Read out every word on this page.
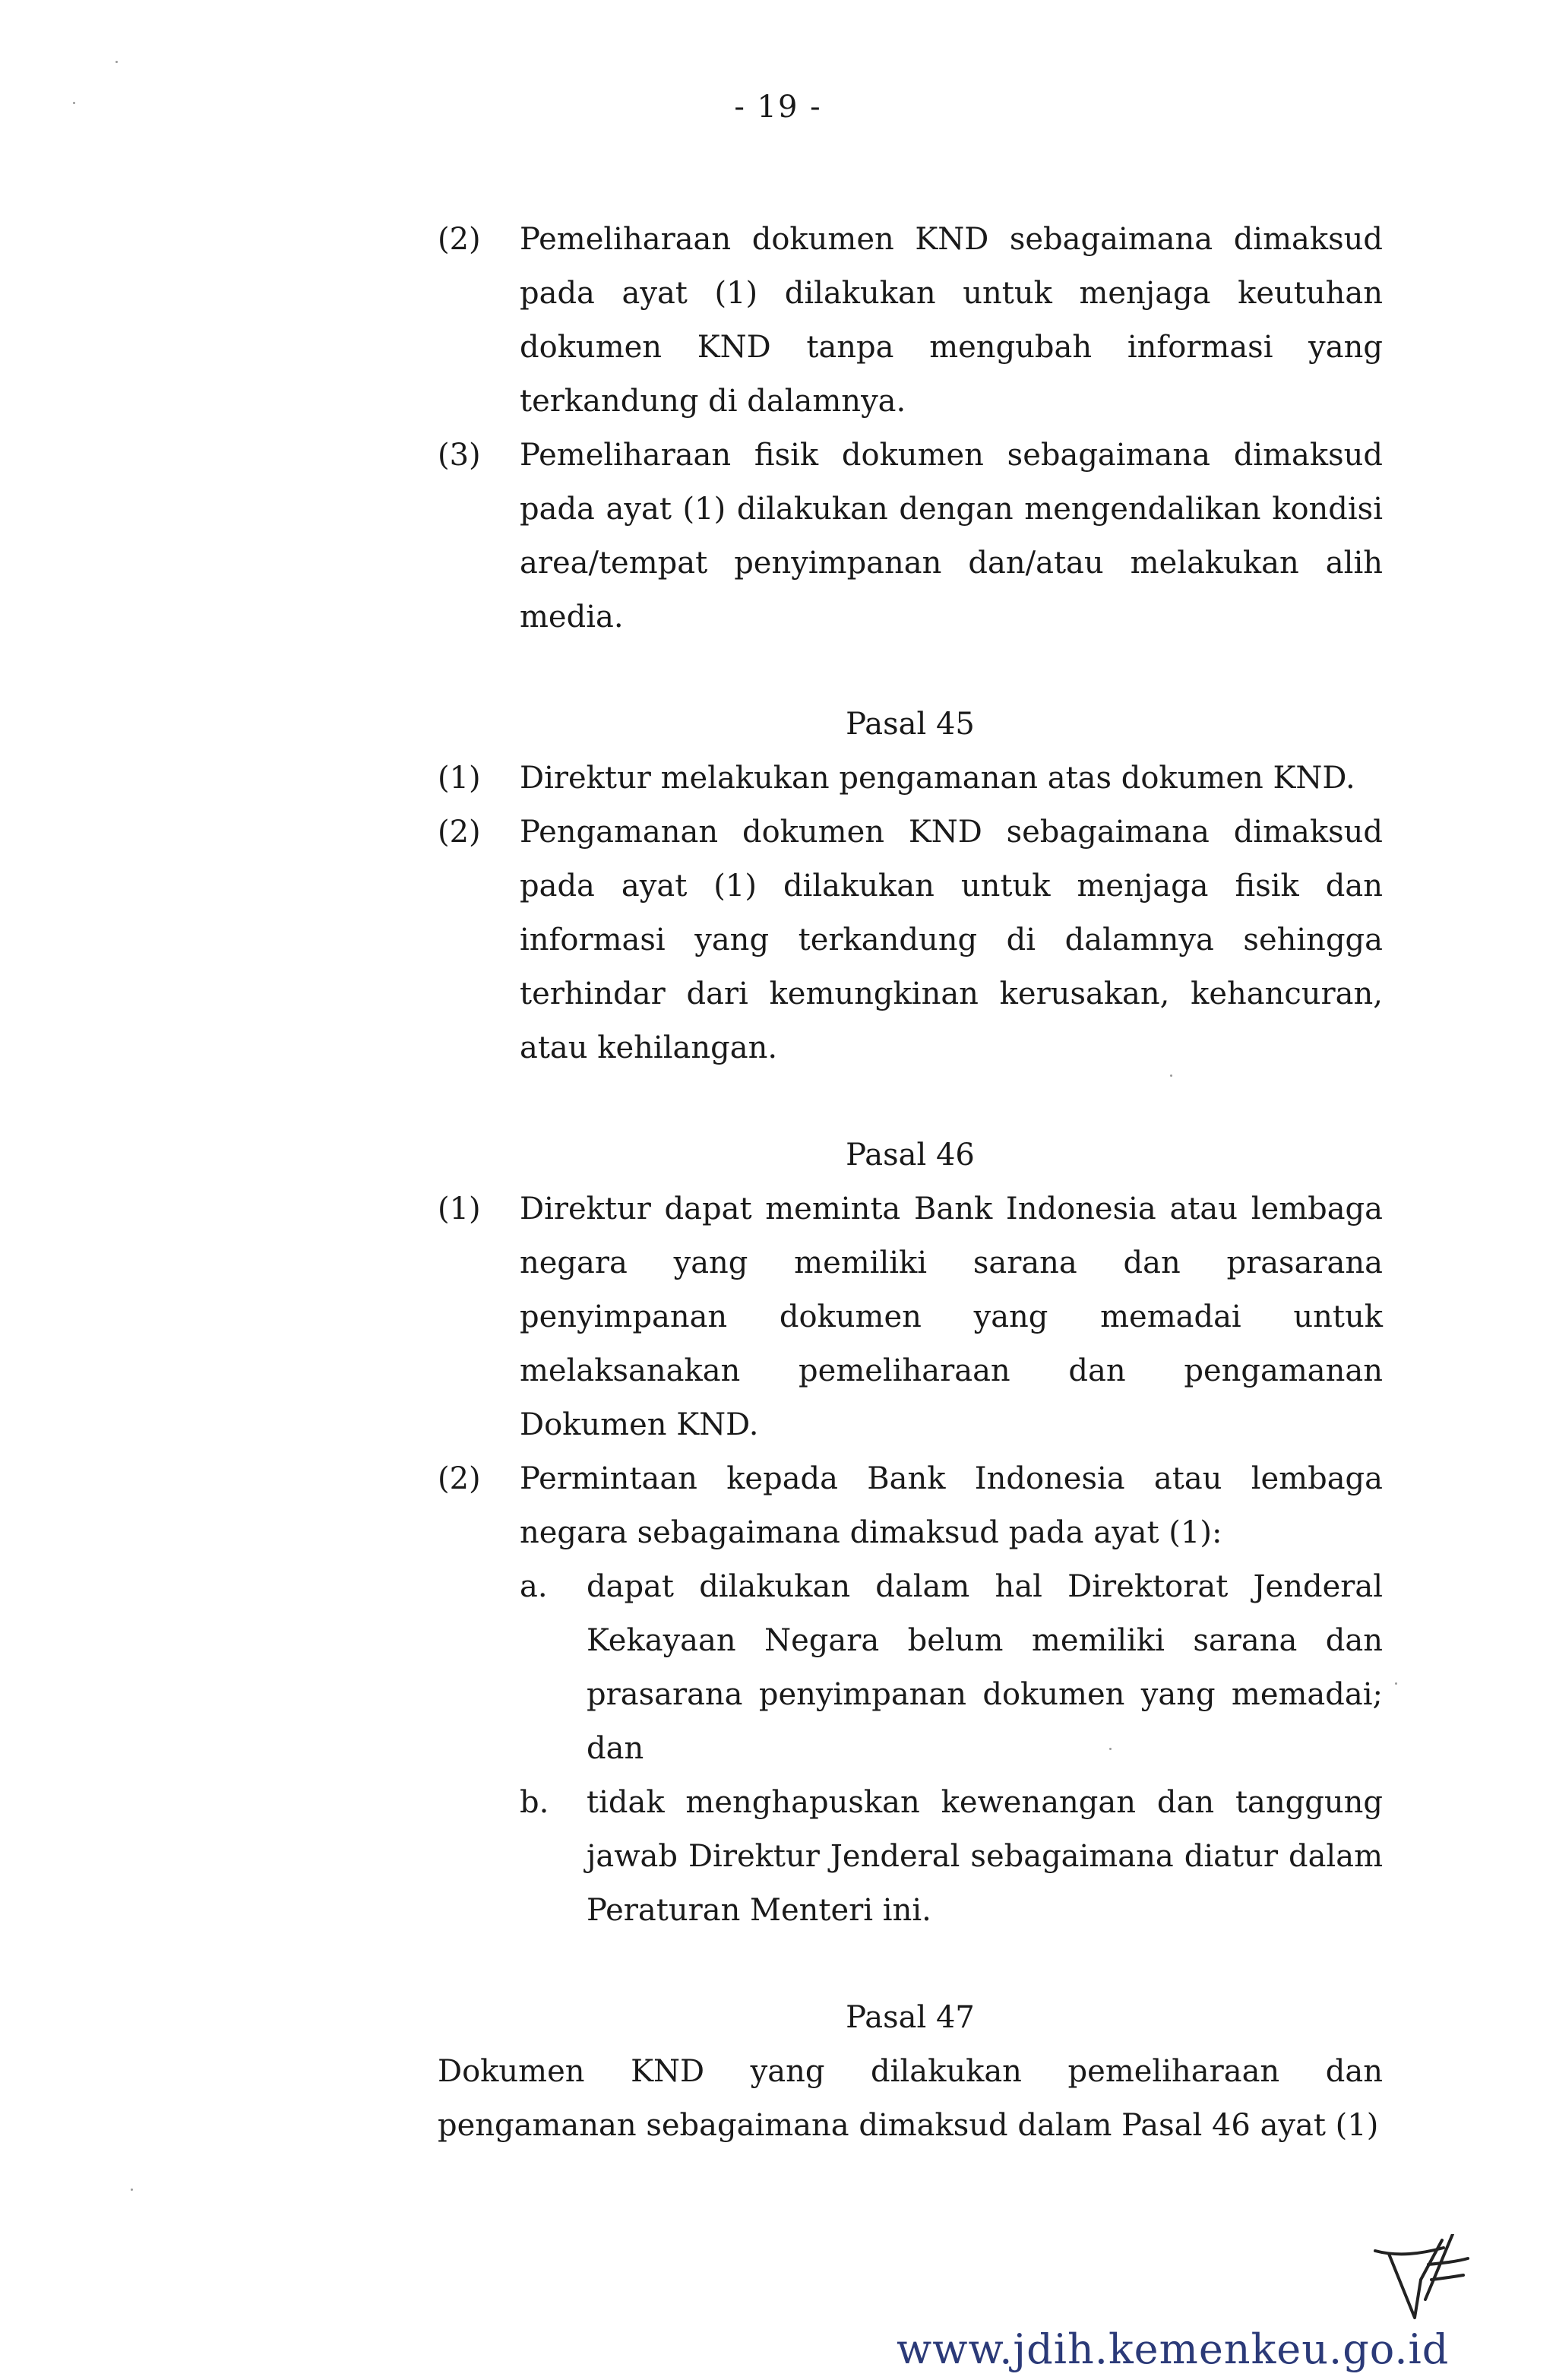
- 19 -
(2)	Pemeliharaan dokumen KND sebagaimana dimaksud pada ayat (1) dilakukan untuk menjaga keutuhan dokumen KND tanpa mengubah informasi yang terkandung di dalamnya.
(3)	Pemeliharaan fisik dokumen sebagaimana dimaksud pada ayat (1) dilakukan dengan mengendalikan kondisi area/tempat penyimpanan dan/atau melakukan alih media.
Pasal 45
(1)	Direktur melakukan pengamanan atas dokumen KND.
(2)	Pengamanan dokumen KND sebagaimana dimaksud pada ayat (1) dilakukan untuk menjaga fisik dan informasi yang terkandung di dalamnya sehingga terhindar dari kemungkinan kerusakan, kehancuran, atau kehilangan.
Pasal 46
(1)	Direktur dapat meminta Bank Indonesia atau lembaga negara yang memiliki sarana dan prasarana penyimpanan dokumen yang memadai untuk melaksanakan pemeliharaan dan pengamanan Dokumen KND.
(2)	Permintaan kepada Bank Indonesia atau lembaga negara sebagaimana dimaksud pada ayat (1):
a.	dapat dilakukan dalam hal Direktorat Jenderal Kekayaan Negara belum memiliki sarana dan prasarana penyimpanan dokumen yang memadai; dan
b.	tidak menghapuskan kewenangan dan tanggung jawab Direktur Jenderal sebagaimana diatur dalam Peraturan Menteri ini.
Pasal 47
Dokumen KND yang dilakukan pemeliharaan dan pengamanan sebagaimana dimaksud dalam Pasal 46 ayat (1)
www.jdih.kemenkeu.go.id
